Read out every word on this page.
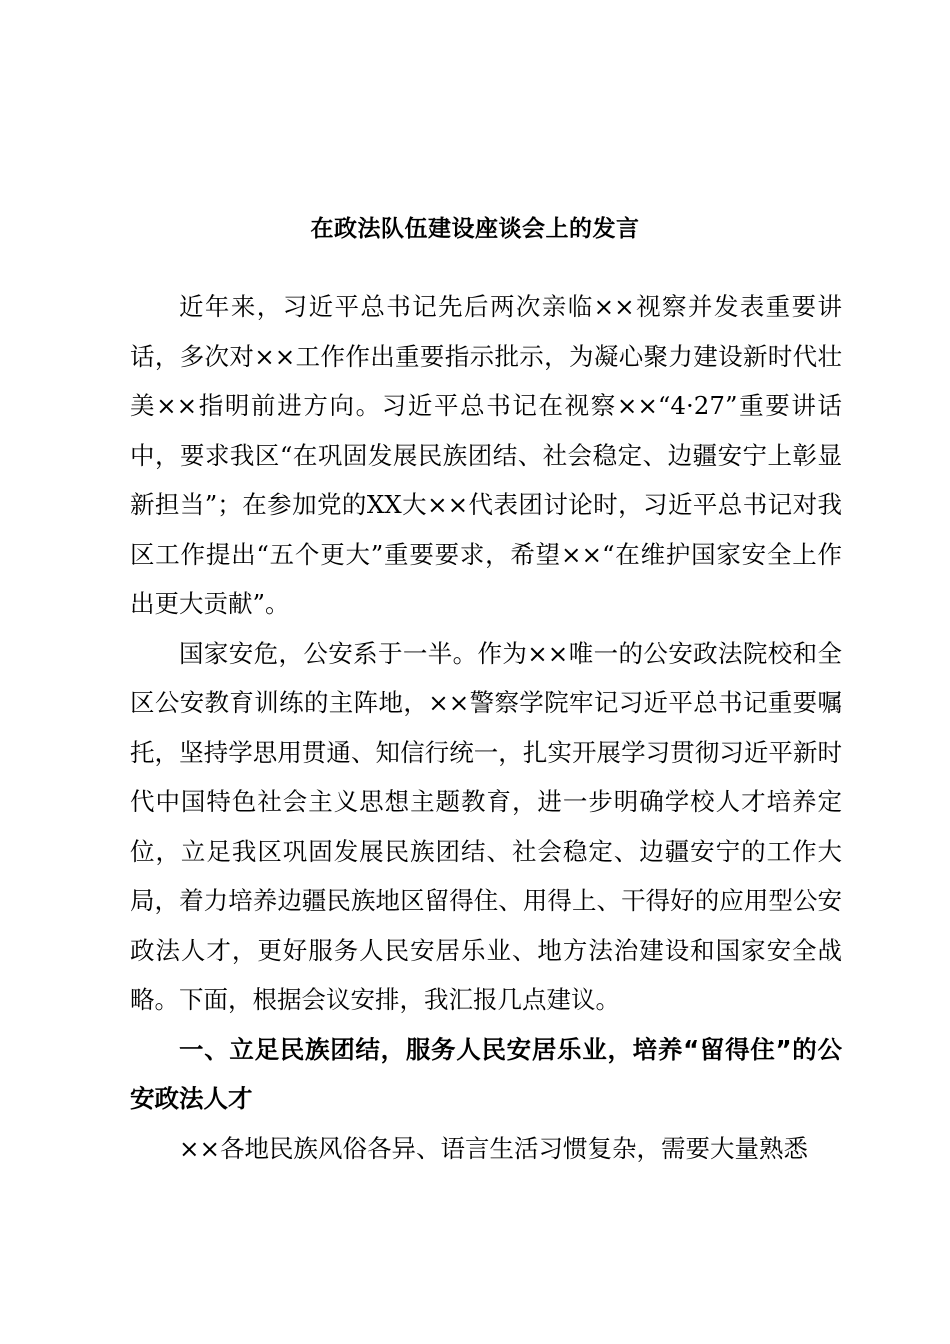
在政法队伍建设座谈会上的发言

近年来，习近平总书记先后两次亲临××视察并发表重要讲话，多次对××工作作出重要指示批示，为凝心聚力建设新时代壮美××指明前进方向。习近平总书记在视察××“4·27”重要讲话中，要求我区“在巩固发展民族团结、社会稳定、边疆安宁上彰显新担当”；在参加党的XX大××代表团讨论时，习近平总书记对我区工作提出“五个更大”重要要求，希望××“在维护国家安全上作出更大贡献”。

国家安危，公安系于一半。作为××唯一的公安政法院校和全区公安教育训练的主阵地，××警察学院牢记习近平总书记重要嘱托，坚持学思用贯通、知信行统一，扎实开展学习贯彻习近平新时代中国特色社会主义思想主题教育，进一步明确学校人才培养定位，立足我区巩固发展民族团结、社会稳定、边疆安宁的工作大局，着力培养边疆民族地区留得住、用得上、干得好的应用型公安政法人才，更好服务人民安居乐业、地方法治建设和国家安全战略。下面，根据会议安排，我汇报几点建议。

一、立足民族团结，服务人民安居乐业，培养“留得住”的公安政法人才

××各地民族风俗各异、语言生活习惯复杂，需要大量熟悉
